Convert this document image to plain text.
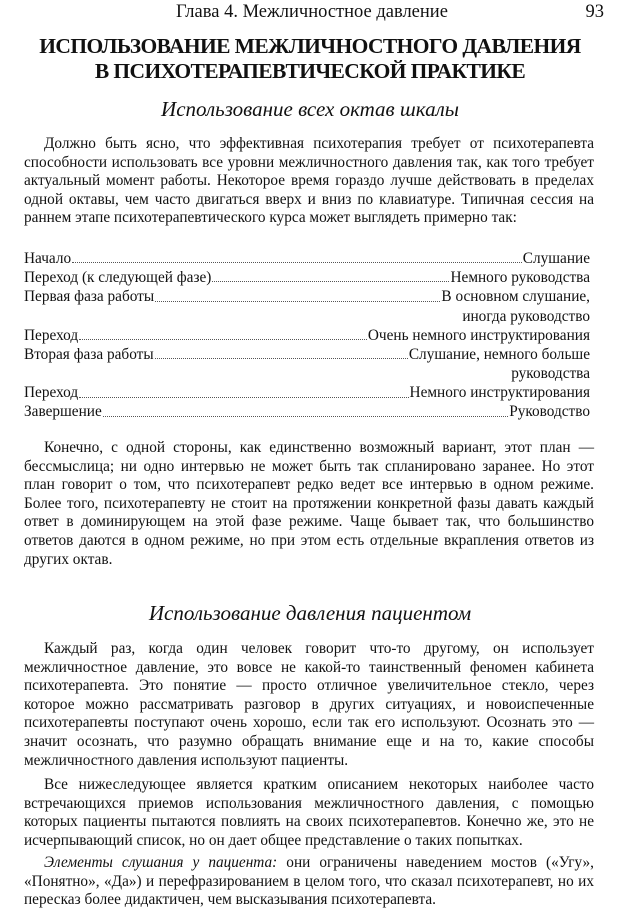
Глава 4. Межличностное давление	93
ИСПОЛЬЗОВАНИЕ МЕЖЛИЧНОСТНОГО ДАВЛЕНИЯ
В ПСИХОТЕРАПЕВТИЧЕСКОЙ ПРАКТИКЕ
Использование всех октав шкалы

Должно быть ясно, что эффективная психотерапия требует от психотерапевта способности использовать все уровни межличностного давления так, как того требует актуальный момент работы. Некоторое время гораздо лучше действовать в пределах одной октавы, чем часто двигаться вверх и вниз по клавиатуре. Типичная сессия на раннем этапе психотерапевтического курса может выглядеть примерно так:

Начало	Слушание
Переход (к следующей фазе)	Немного руководства
Первая фаза работы	В основном слушание,
иногда руководство
Переход	Очень немного инструктирования
Вторая фаза работы	Слушание, немного больше
руководства
Переход	Немного инструктирования
Завершение	Руководство

Конечно, с одной стороны, как единственно возможный вариант, этот план — бессмыслица; ни одно интервью не может быть так спланировано заранее. Но этот план говорит о том, что психотерапевт редко ведет все интервью в одном режиме. Более того, психотерапевту не стоит на протяжении конкретной фазы давать каждый ответ в доминирующем на этой фазе режиме. Чаще бывает так, что большинство ответов даются в одном режиме, но при этом есть отдельные вкрапления ответов из других октав.

Использование давления пациентом

Каждый раз, когда один человек говорит что-то другому, он использует межличностное давление, это вовсе не какой-то таинственный феномен кабинета психотерапевта. Это понятие — просто отличное увеличительное стекло, через которое можно рассматривать разговор в других ситуациях, и новоиспеченные психотерапевты поступают очень хорошо, если так его используют. Осознать это — значит осознать, что разумно обращать внимание еще и на то, какие способы межличностного давления используют пациенты.

Все нижеследующее является кратким описанием некоторых наиболее часто встречающихся приемов использования межличностного давления, с помощью которых пациенты пытаются повлиять на своих психотерапевтов. Конечно же, это не исчерпывающий список, но он дает общее представление о таких попытках.

Элементы слушания у пациента: они ограничены наведением мостов («Угу», «Понятно», «Да») и перефразированием в целом того, что сказал психотерапевт, но их пересказ более дидактичен, чем высказывания психотерапевта.
